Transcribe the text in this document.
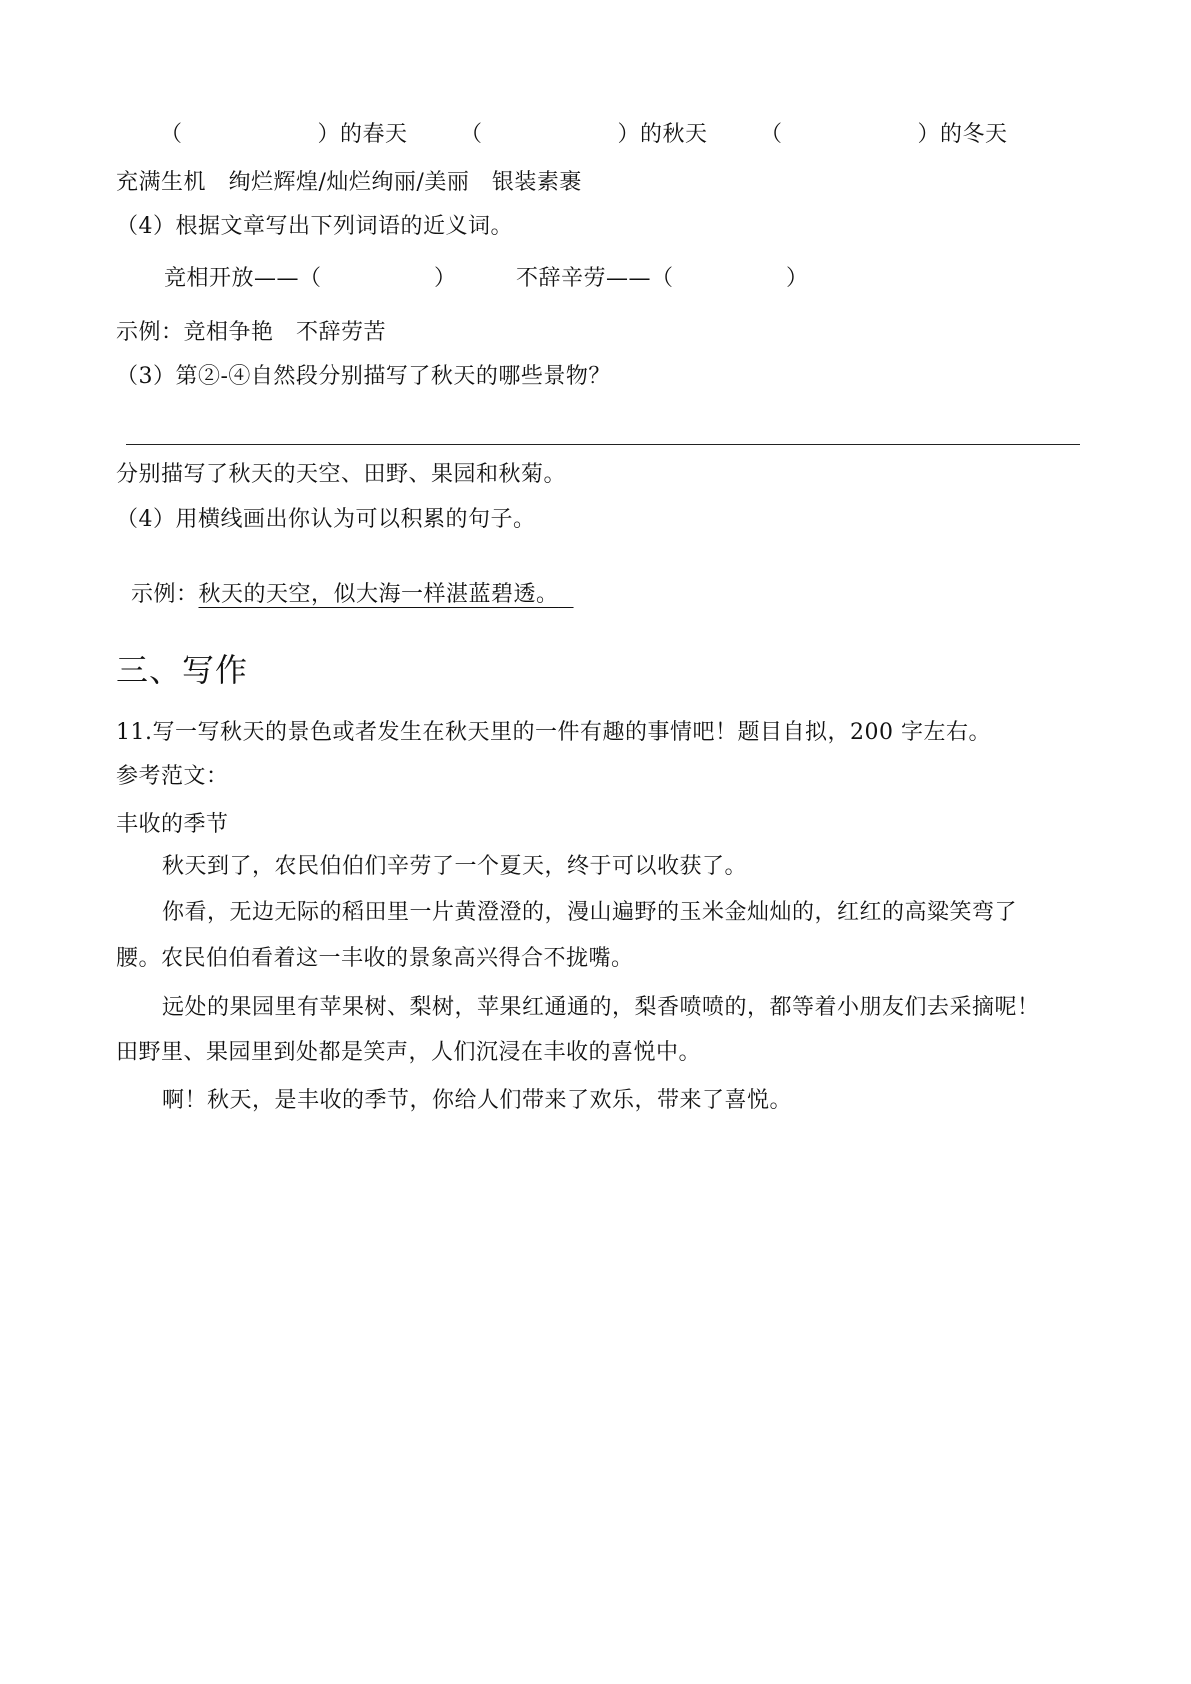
（　　　　　　）的春天

（　　　　　　）的秋天

（　　　　　　）的冬天

充满生机　绚烂辉煌/灿烂绚丽/美丽　银装素裹
（4）根据文章写出下列词语的近义词。

竞相开放——（　　　　　）

	不辞辛劳——（　　　　　）

示例：竞相争艳　不辞劳苦
（3）第②-④自然段分别描写了秋天的哪些景物？
分别描写了秋天的天空、田野、果园和秋菊。
（4）用横线画出你认为可以积累的句子。

示例：秋天的天空，似大海一样湛蓝碧透。

三、写作
11.写一写秋天的景色或者发生在秋天里的一件有趣的事情吧！题目自拟，200 字左右。
参考范文：
丰收的季节
秋天到了，农民伯伯们辛劳了一个夏天，终于可以收获了。
你看，无边无际的稻田里一片黄澄澄的，漫山遍野的玉米金灿灿的，红红的高粱笑弯了
腰。农民伯伯看着这一丰收的景象高兴得合不拢嘴。
远处的果园里有苹果树、梨树，苹果红通通的，梨香喷喷的，都等着小朋友们去采摘呢！
田野里、果园里到处都是笑声，人们沉浸在丰收的喜悦中。
啊！秋天，是丰收的季节，你给人们带来了欢乐，带来了喜悦。
